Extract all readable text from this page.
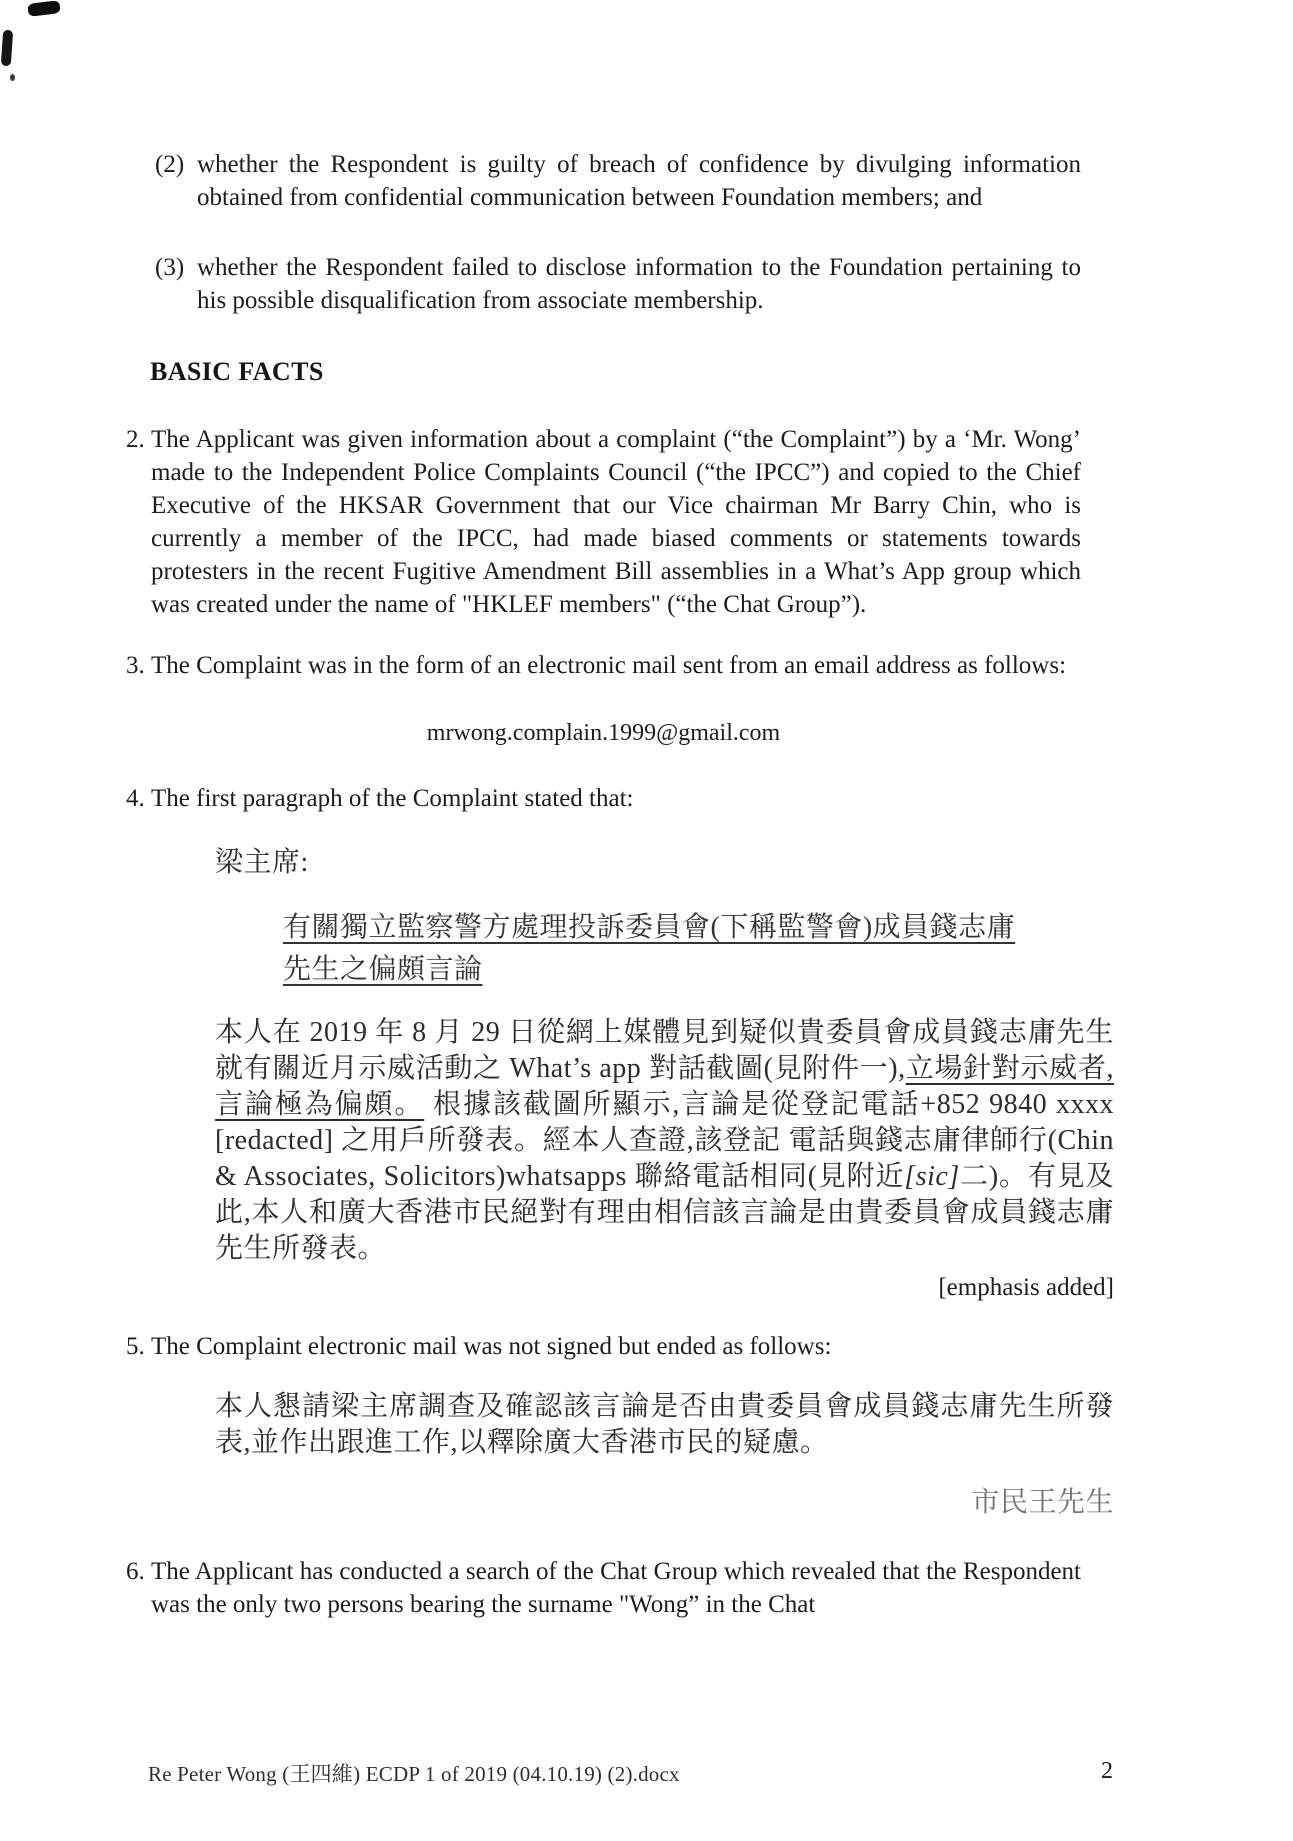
(2) whether the Respondent is guilty of breach of confidence by divulging information obtained from confidential communication between Foundation members; and
(3) whether the Respondent failed to disclose information to the Foundation pertaining to his possible disqualification from associate membership.
BASIC FACTS
2. The Applicant was given information about a complaint (“the Complaint”) by a ‘Mr. Wong’ made to the Independent Police Complaints Council (“the IPCC”) and copied to the Chief Executive of the HKSAR Government that our Vice chairman Mr Barry Chin, who is currently a member of the IPCC, had made biased comments or statements towards protesters in the recent Fugitive Amendment Bill assemblies in a What’s App group which was created under the name of "HKLEF members" (“the Chat Group”).
3. The Complaint was in the form of an electronic mail sent from an email address as follows:
mrwong.complain.1999@gmail.com
4. The first paragraph of the Complaint stated that:
梁主席:
有關獨立監察警方處理投訴委員會(下稱監警會)成員錢志庸先生之偏頗言論

本人在 2019 年 8 月 29 日從網上媒體見到疑似貴委員會成員錢志庸先生就有關近月示威活動之 What’s app 對話截圖(見附件一),立場針對示威者,言論極為偏頗。 根據該截圖所顯示,言論是從登記電話+852 9840 xxxx [redacted] 之用戶所發表。經本人查證,該登記 電話與錢志庸律師行(Chin & Associates, Solicitors)whatsapps 聯絡電話相同(見附近[sic]二)。有見及此,本人和廣大香港市民絕對有理由相信該言論是由貴委員會成員錢志庸先生所發表。

[emphasis added]
5. The Complaint electronic mail was not signed but ended as follows:

本人懇請梁主席調查及確認該言論是否由貴委員會成員錢志庸先生所發表,並作出跟進工作,以釋除廣大香港市民的疑慮。

市民王先生
6. The Applicant has conducted a search of the Chat Group which revealed that the Respondent was the only two persons bearing the surname "Wong” in the Chat
Re Peter Wong (王四維) ECDP 1 of 2019 (04.10.19) (2).docx	2
